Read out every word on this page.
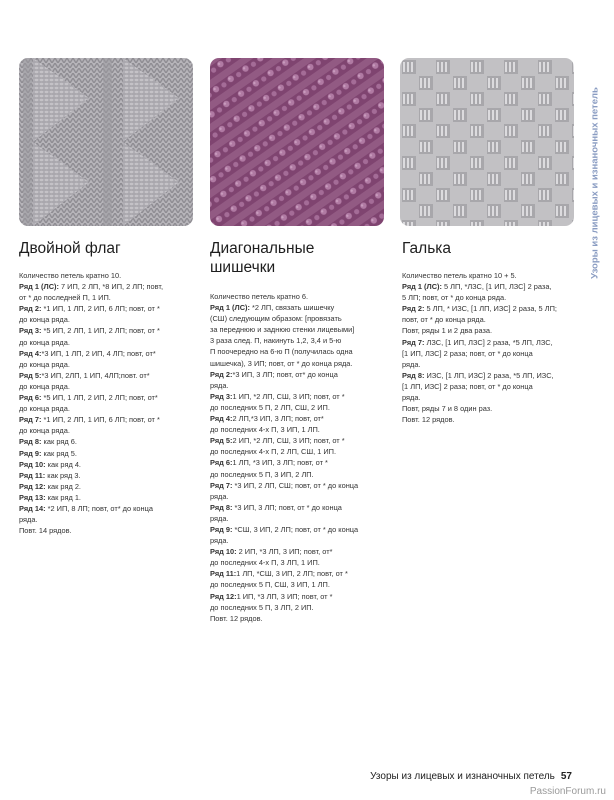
Двойной флаг

Количество петель кратно 10.

Ряд 1 (ЛС): 7 ИП, 2 ЛП, *8 ИП, 2 ЛП; повт,

от * до последней П, 1 ИП.

Ряд 2: *1 ИП, 1 ЛП, 2 ИП, 6 ЛП; повт, от *

до конца ряда.

Ряд 3: *5 ИП, 2 ЛП, 1 ИП, 2 ЛП; повт, от *

до конца ряда.

Ряд 4:*3 ИП, 1 ЛП, 2 ИП, 4 ЛП; повт, от*

до конца ряда.

Ряд 5:*3 ИП, 2ЛП, 1 ИП, 4ЛП;повт. от*

до конца ряда.

Ряд 6: *5 ИП, 1 ЛП, 2 ИП, 2 ЛП; повт, от*

до конца ряда.

Ряд 7: *1 ИП, 2 ЛП, 1 ИП, 6 ЛП; повт, от *

до конца ряда.

Ряд 8: как ряд 6.

Ряд 9: как ряд 5.

Ряд 10: как ряд 4.

Ряд 11: как ряд 3.

Ряд 12: как ряд 2.

Ряд 13: как ряд 1.

Ряд 14: *2 ИП, 8 ЛП; повт, от* до конца

ряда.

Повт. 14 рядов.

Диагональные шишечки

Количество петель кратно 6.

Ряд 1 (ЛС): *2 ЛП, связать шишечку

(СШ) следующим образом: [провязать

за переднюю и заднюю стенки лицевыми]

3 раза след. П, накинуть 1,2, 3,4 и 5-ю

П поочередно на 6-ю П (получилась одна

шишечка), 3 ИП; повт, от * до конца ряда.

Ряд 2:*3 ИП, 3 ЛП; повт, от* до конца

ряда.

Ряд 3:1 ИП, *2 ЛП, СШ, 3 ИП; повт, от *

до последних 5 П, 2 ЛП, СШ, 2 ИП.

Ряд 4:2 ЛП,*3 ИП, 3 ЛП; повт, от*

до последних 4-х П, 3 ИП, 1 ЛП.

Ряд 5:2 ИП, *2 ЛП, СШ, 3 ИП; повт, от *

до последних 4-х П, 2 ЛП, СШ, 1 ИП.

Ряд 6:1 ЛП, *3 ИП, 3 ЛП; повт, от *

до последних 5 П, 3 ИП, 2 ЛП.

Ряд 7: *3 ИП, 2 ЛП, СШ; повт, от * до конца

ряда.

Ряд 8: *3 ИП, 3 ЛП; повт, от * до конца

ряда.

Ряд 9: *СШ, 3 ИП, 2 ЛП; повт, от * до конца

ряда.

Ряд 10: 2 ИП, *3 ЛП, 3 ИП; повт, от*

до последних 4-х П, 3 ЛП, 1 ИП.

Ряд 11:1 ЛП, *СШ, 3 ИП, 2 ЛП; повт, от *

до последних 5 П, СШ, 3 ИП, 1 ЛП.

Ряд 12:1 ИП, *3 ЛП, 3 ИП; повт, от *

до последних 5 П, 3 ЛП, 2 ИП.

Повт. 12 рядов.

Галька

Количество петель кратно 10 + 5.

Ряд 1 (ЛС): 5 ЛП, *ЛЗС, [1 ИП, ЛЗС] 2 раза,

5 ЛП; повт, от * до конца ряда.

Ряд 2: 5 ЛП, * ИЗС, [1 ЛП, ИЗС] 2 раза, 5 ЛП;

повт, от * до конца ряда.

Повт, ряды 1 и 2 два раза.

Ряд 7: ЛЗС, [1 ИП, ЛЗС] 2 раза, *5 ЛП, ЛЗС,

[1 ИП, ЛЗС] 2 раза; повт, от * до конца

ряда.

Ряд 8: ИЗС, [1 ЛП, ИЗС] 2 раза, *5 ЛП, ИЗС,

[1 ЛП, ИЗС] 2 раза; повт, от * до конца

ряда.

Повт, ряды 7 и 8 один раз.

Повт. 12 рядов.

Узоры из лицевых и изнаночных петель
Узоры из лицевых и изнаночных петель 57
PassionForum.ru
